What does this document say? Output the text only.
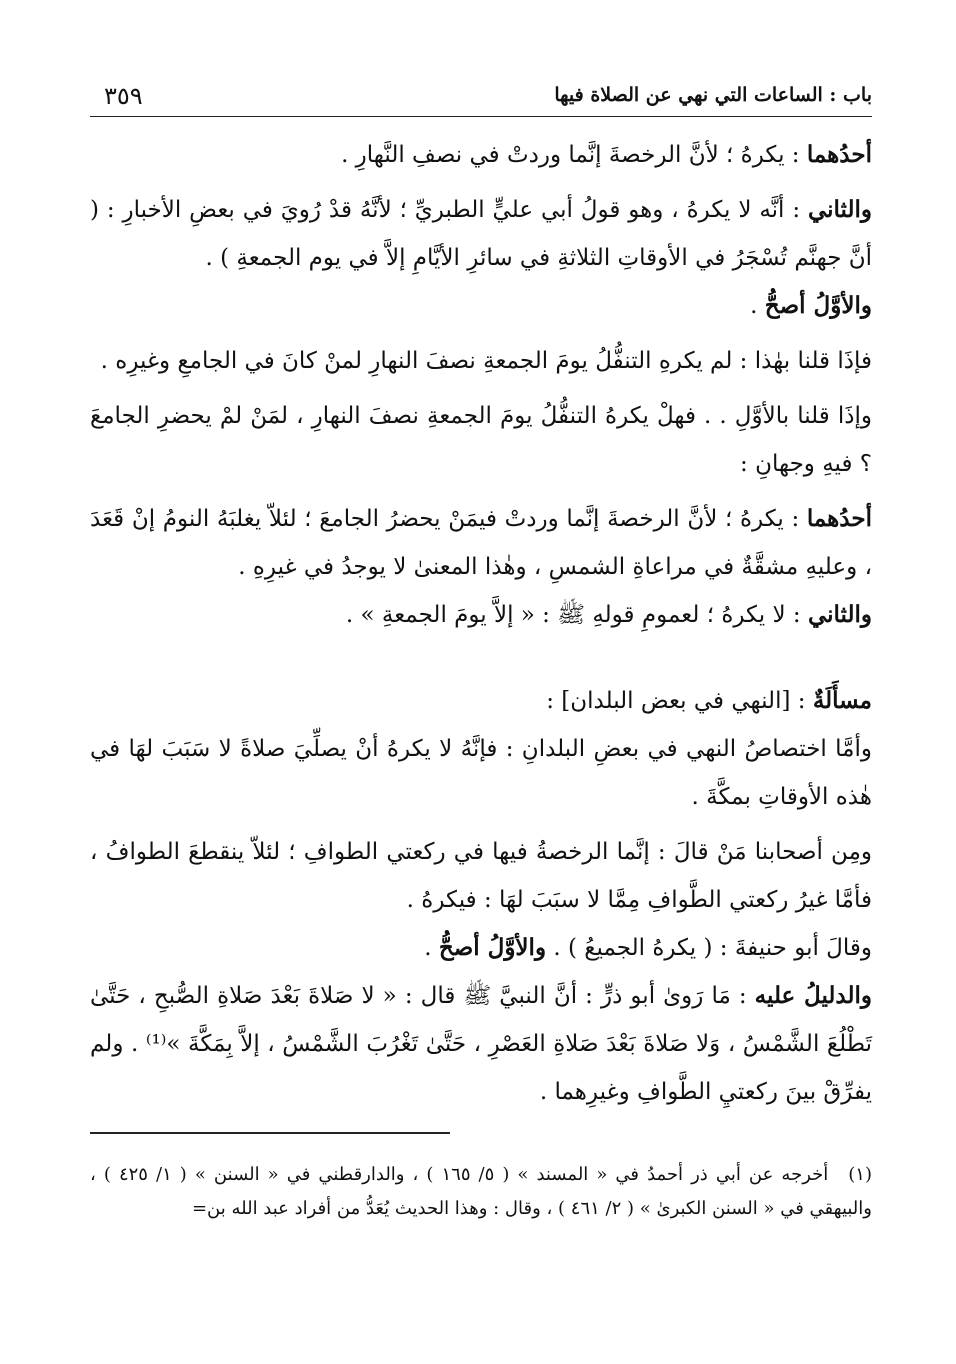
باب : الساعات التي نهي عن الصلاة فيها
٣٥٩

أحدُهما : يكرهُ ؛ لأنَّ الرخصةَ إنَّما وردتْ في نصفِ النَّهارِ .

والثاني : أنَّه لا يكرهُ ، وهو قولُ أبي عليٍّ الطبريِّ ؛ لأنَّهُ قدْ رُويَ في بعضِ الأخبارِ : ( أنَّ جهنَّم تُسْجَرُ في الأوقاتِ الثلاثةِ في سائرِ الأيَّامِ إلاَّ في يوم الجمعةِ ) .
والأوَّلُ أصحُّ .

فإذَا قلنا بهٰذا : لم يكرهِ التنفُّلُ يومَ الجمعةِ نصفَ النهارِ لمنْ كانَ في الجامعِ وغيرِه .

وإذَا قلنا بالأوَّلِ . . فهلْ يكرهُ التنفُّلُ يومَ الجمعةِ نصفَ النهارِ ، لمَنْ لمْ يحضرِ الجامعَ ؟ فيهِ وجهانِ :

أحدُهما : يكرهُ ؛ لأنَّ الرخصةَ إنَّما وردتْ فيمَنْ يحضرُ الجامعَ ؛ لئلاّ يغلبَهُ النومُ إنْ قَعَدَ ، وعليهِ مشقَّةٌ في مراعاةِ الشمسِ ، وهٰذا المعنىٰ لا يوجدُ في غيرِهِ .

والثاني : لا يكرهُ ؛ لعمومِ قولهِ ﷺ : « إلاَّ يومَ الجمعةِ » .

مسأَلَةٌ : [النهي في بعض البلدان] :

وأمَّا اختصاصُ النهي في بعضِ البلدانِ : فإنَّهُ لا يكرهُ أنْ يصلِّيَ صلاةً لا سَبَبَ لهَا في هٰذه الأوقاتِ بمكَّةَ .

ومِن أصحابنا مَنْ قالَ : إنَّما الرخصةُ فيها في ركعتي الطوافِ ؛ لئلاّ ينقطعَ الطوافُ ، فأمَّا غيرُ ركعتي الطَّوافِ مِمَّا لا سبَبَ لهَا : فيكرهُ .

وقالَ أبو حنيفةَ : ( يكرهُ الجميعُ ) . والأوَّلُ أصحُّ .

والدليلُ عليه : مَا رَوىٰ أبو ذرٍّ : أنَّ النبيَّ ﷺ قال : « لا صَلاةَ بَعْدَ صَلاةِ الصُّبحِ ، حَتَّىٰ تَطْلُعَ الشَّمْسُ ، وَلا صَلاةَ بَعْدَ صَلاةِ العَصْرِ ، حَتَّىٰ تَغْرُبَ الشَّمْسُ ، إلاَّ بِمَكَّةَ »⁽¹⁾ . ولم يفرِّقْ بينَ ركعتيِ الطَّوافِ وغيرِهما .

(١)أخرجه عن أبي ذر أحمدُ في « المسند » ( ٥/ ١٦٥ ) ، والدارقطني في « السنن » ( ١/ ٤٢٥ ) ، والبيهقي في « السنن الكبرىٰ » ( ٢/ ٤٦١ ) ، وقال : وهذا الحديث يُعَدُّ من أفراد عبد الله بن=
